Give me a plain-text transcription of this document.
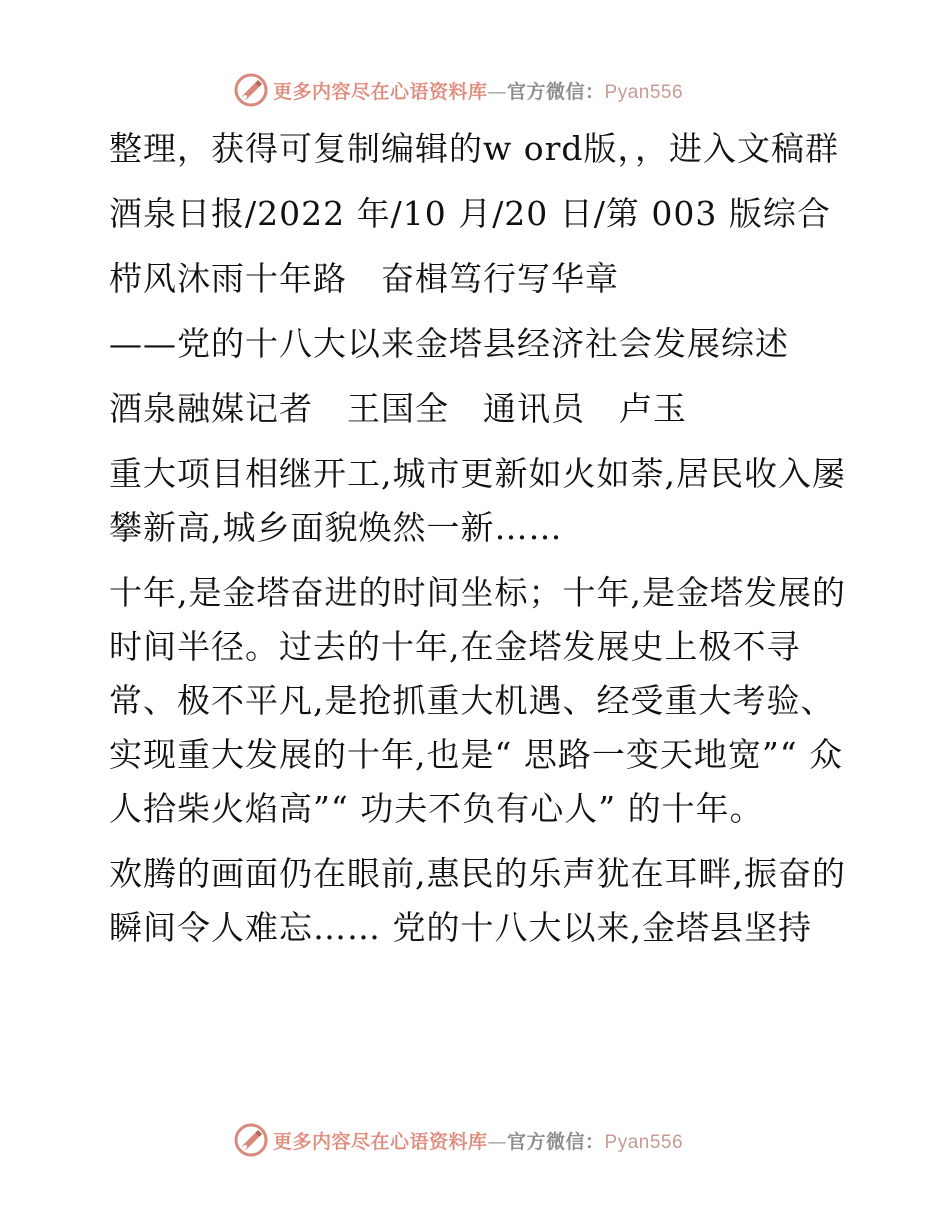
更多内容尽在心语资料库—官方微信：Pyan556

整理，获得可复制编辑的w ord版，，进入文稿群

酒泉日报/2022 年/10 月/20 日/第 003 版综合

栉风沐雨十年路　奋楫笃行写华章

——党的十八大以来金塔县经济社会发展综述

酒泉融媒记者　王国全　通讯员　卢玉

重大项目相继开工,城市更新如火如荼,居民收入屡攀新高,城乡面貌焕然一新……

十年,是金塔奋进的时间坐标；十年,是金塔发展的时间半径。过去的十年,在金塔发展史上极不寻常、极不平凡,是抢抓重大机遇、经受重大考验、实现重大发展的十年,也是“ 思路一变天地宽”“ 众人拾柴火焰高”“ 功夫不负有心人” 的十年。

欢腾的画面仍在眼前,惠民的乐声犹在耳畔,振奋的瞬间令人难忘…… 党的十八大以来,金塔县坚持

更多内容尽在心语资料库—官方微信：Pyan556
